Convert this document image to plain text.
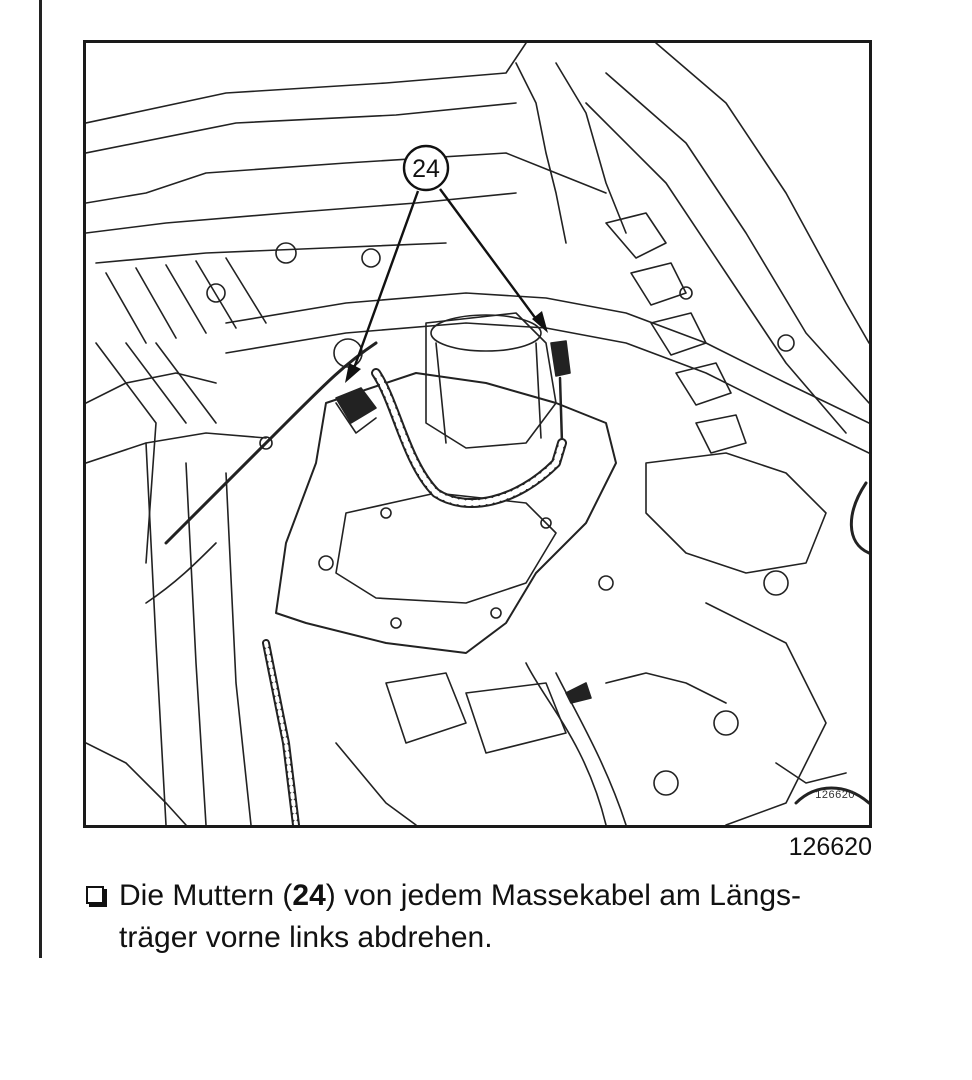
24
126620
126620
Die Muttern (24) von jedem Massekabel am Längs-
träger vorne links abdrehen.
